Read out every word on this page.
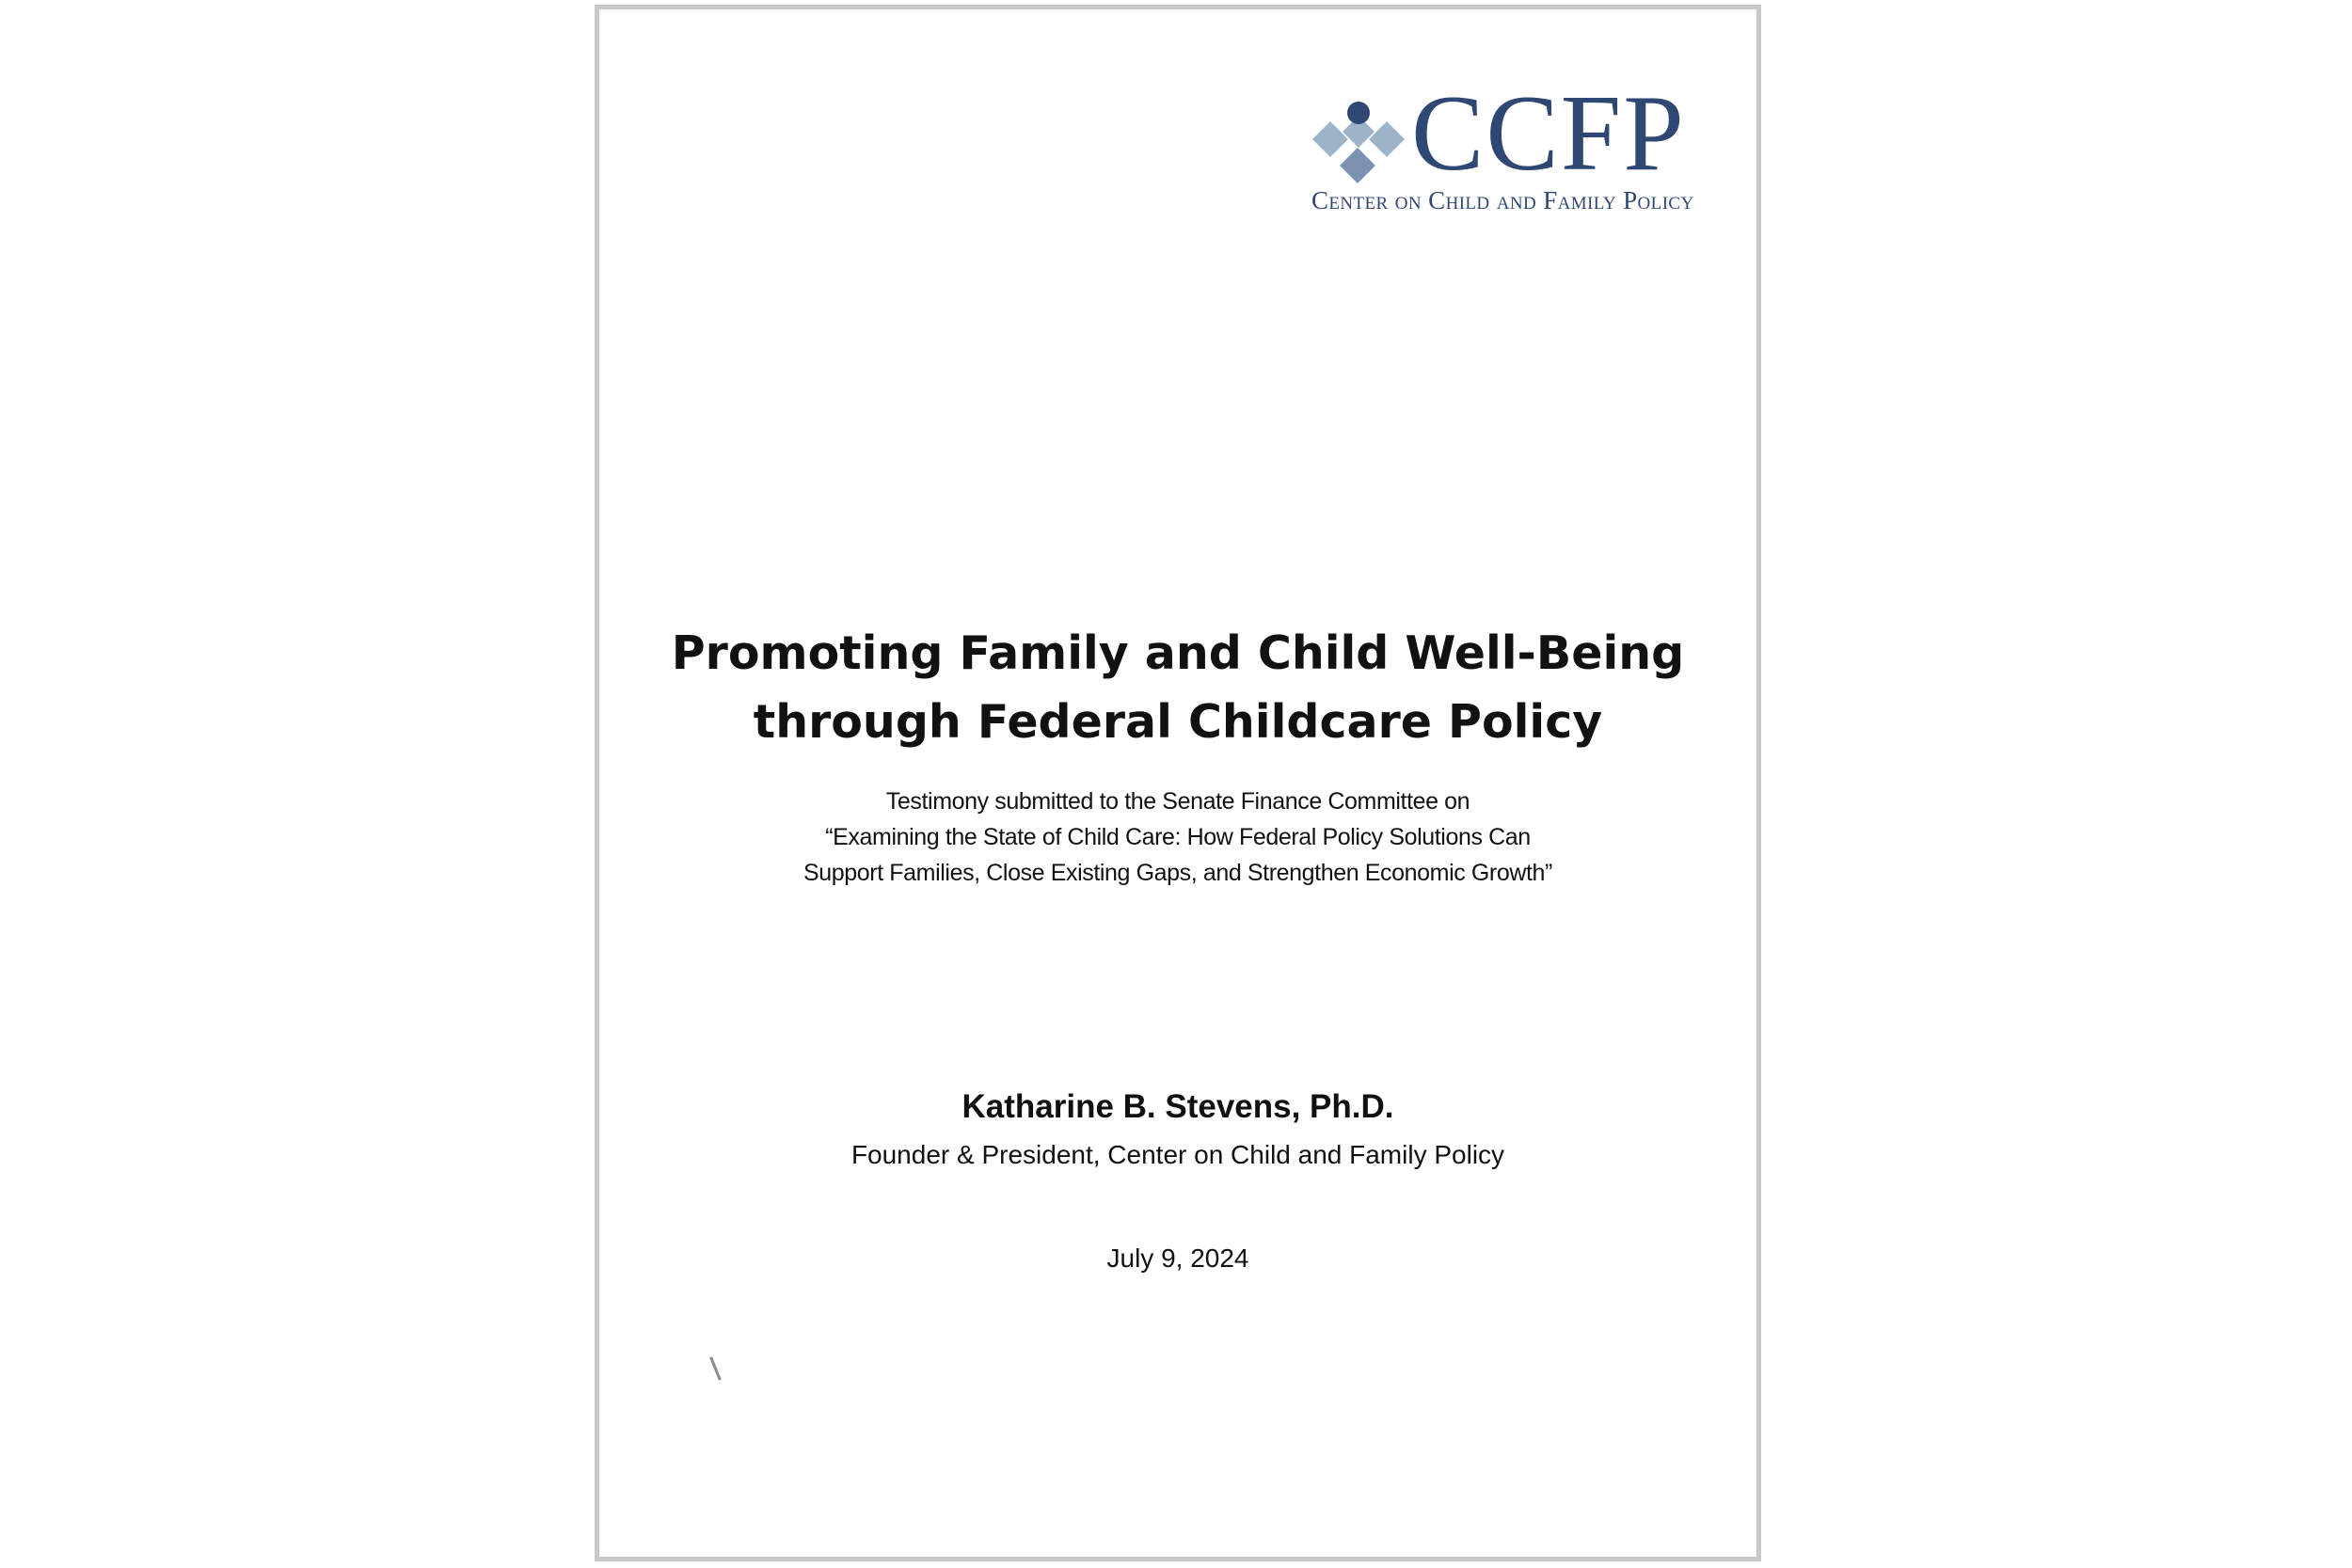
CCFP
Center on Child and Family Policy
Promoting Family and Child Well-Being
through Federal Childcare Policy
Testimony submitted to the Senate Finance Committee on
“Examining the State of Child Care: How Federal Policy Solutions Can
Support Families, Close Existing Gaps, and Strengthen Economic Growth”
Katharine B. Stevens, Ph.D.
Founder & President, Center on Child and Family Policy
July 9, 2024
